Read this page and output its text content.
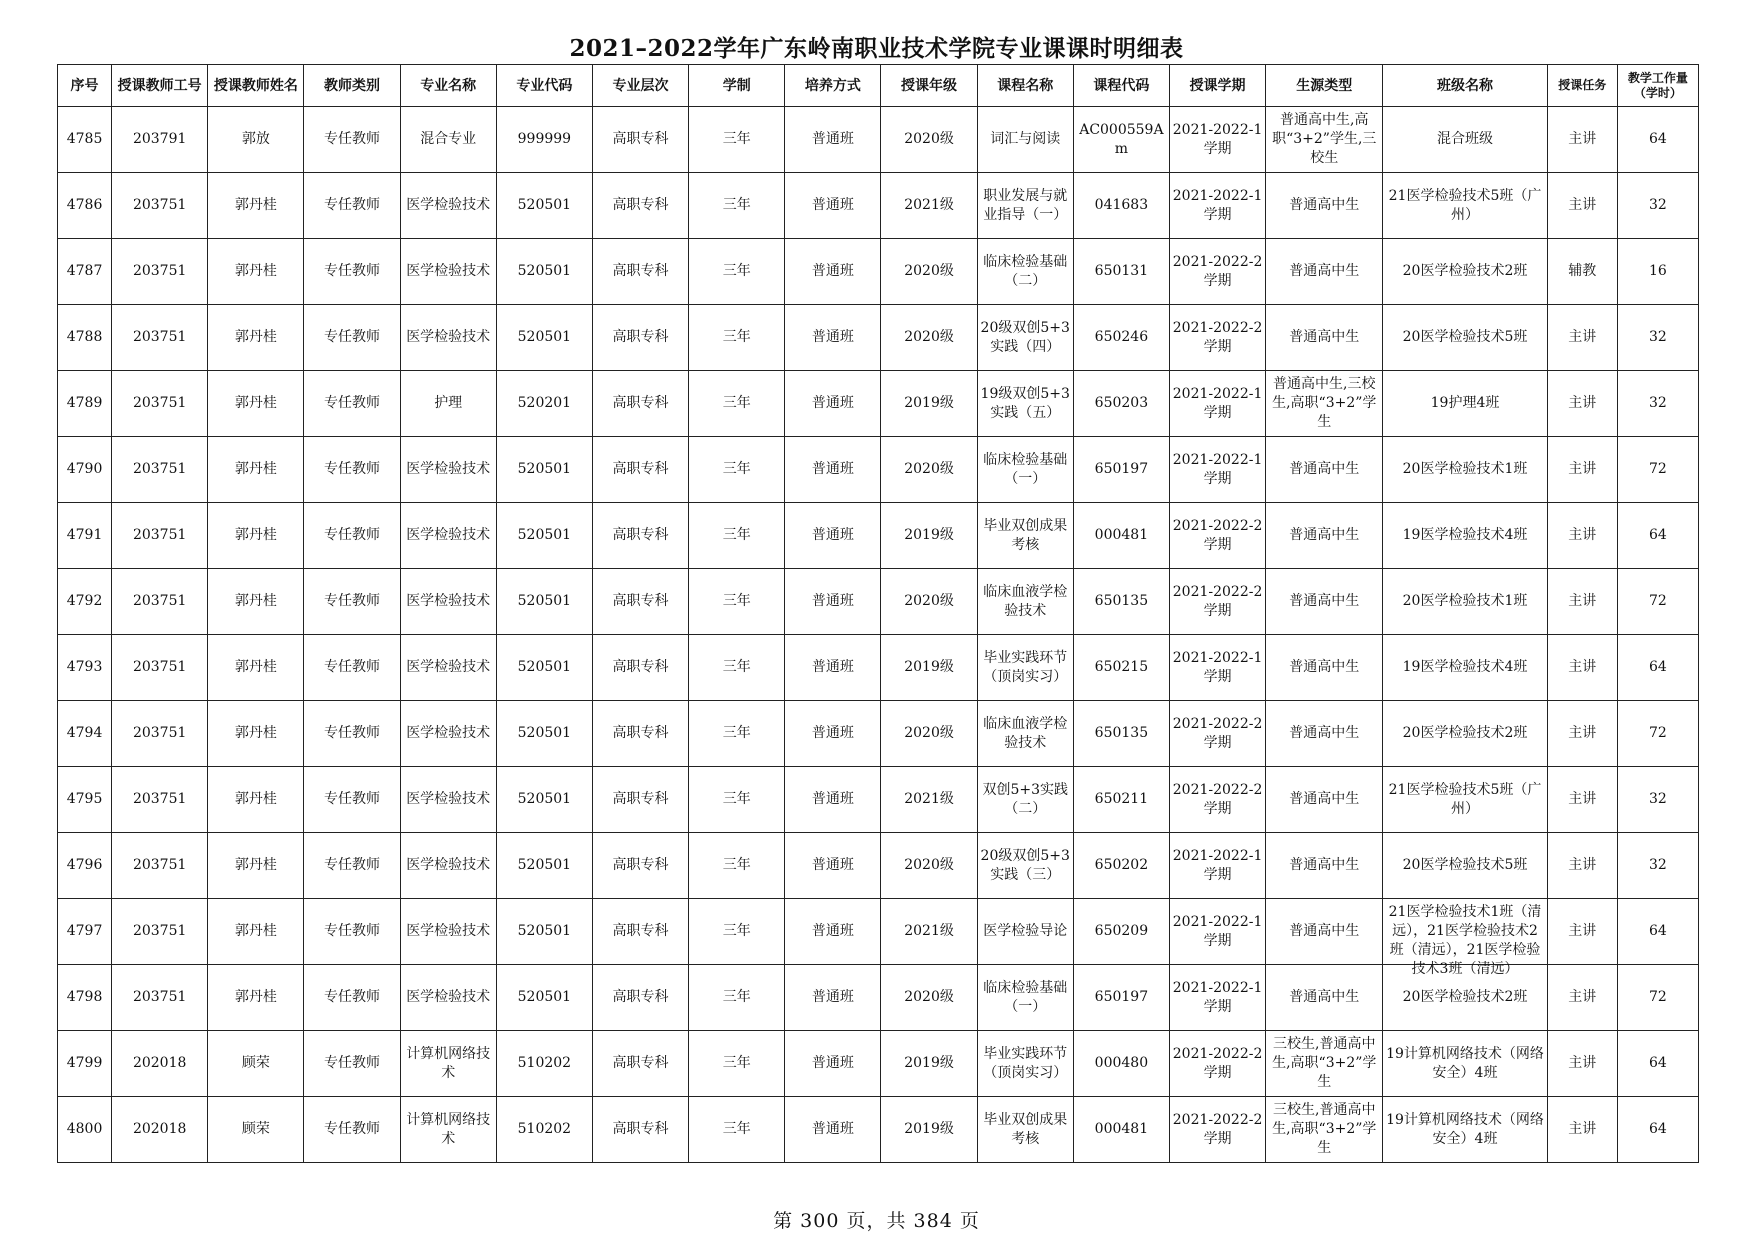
2021–2022学年广东岭南职业技术学院专业课课时明细表
序号	授课教师工号	授课教师姓名	教师类别	专业名称	专业代码	专业层次	学制	培养方式	授课年级	课程名称	课程代码	授课学期	生源类型	班级名称	授课任务	教学工作量（学时）

4785	203791	郭放	专任教师	混合专业	999999	高职专科	三年	普通班	2020级	词汇与阅读	AC000559Am	2021-2022-1学期	普通高中生,高职“3+2”学生,三校生	混合班级	主讲	64

4786	203751	郭丹桂	专任教师	医学检验技术	520501	高职专科	三年	普通班	2021级	职业发展与就业指导（一）	041683	2021-2022-1学期	普通高中生	21医学检验技术5班（广州）	主讲	32

4787	203751	郭丹桂	专任教师	医学检验技术	520501	高职专科	三年	普通班	2020级	临床检验基础（二）	650131	2021-2022-2学期	普通高中生	20医学检验技术2班	辅教	16

4788	203751	郭丹桂	专任教师	医学检验技术	520501	高职专科	三年	普通班	2020级	20级双创5+3实践（四）	650246	2021-2022-2学期	普通高中生	20医学检验技术5班	主讲	32

4789	203751	郭丹桂	专任教师	护理	520201	高职专科	三年	普通班	2019级	19级双创5+3实践（五）	650203	2021-2022-1学期	普通高中生,三校生,高职“3+2”学生	19护理4班	主讲	32

4790	203751	郭丹桂	专任教师	医学检验技术	520501	高职专科	三年	普通班	2020级	临床检验基础（一）	650197	2021-2022-1学期	普通高中生	20医学检验技术1班	主讲	72

4791	203751	郭丹桂	专任教师	医学检验技术	520501	高职专科	三年	普通班	2019级	毕业双创成果考核	000481	2021-2022-2学期	普通高中生	19医学检验技术4班	主讲	64

4792	203751	郭丹桂	专任教师	医学检验技术	520501	高职专科	三年	普通班	2020级	临床血液学检验技术	650135	2021-2022-2学期	普通高中生	20医学检验技术1班	主讲	72

4793	203751	郭丹桂	专任教师	医学检验技术	520501	高职专科	三年	普通班	2019级	毕业实践环节（顶岗实习）	650215	2021-2022-1学期	普通高中生	19医学检验技术4班	主讲	64

4794	203751	郭丹桂	专任教师	医学检验技术	520501	高职专科	三年	普通班	2020级	临床血液学检验技术	650135	2021-2022-2学期	普通高中生	20医学检验技术2班	主讲	72

4795	203751	郭丹桂	专任教师	医学检验技术	520501	高职专科	三年	普通班	2021级	双创5+3实践（二）	650211	2021-2022-2学期	普通高中生	21医学检验技术5班（广州）	主讲	32

4796	203751	郭丹桂	专任教师	医学检验技术	520501	高职专科	三年	普通班	2020级	20级双创5+3实践（三）	650202	2021-2022-1学期	普通高中生	20医学检验技术5班	主讲	32

4797	203751	郭丹桂	专任教师	医学检验技术	520501	高职专科	三年	普通班	2021级	医学检验导论	650209	2021-2022-1学期	普通高中生	21医学检验技术1班（清远），21医学检验技术2班（清远），21医学检验技术3班（清远）	主讲	64

4798	203751	郭丹桂	专任教师	医学检验技术	520501	高职专科	三年	普通班	2020级	临床检验基础（一）	650197	2021-2022-1学期	普通高中生	20医学检验技术2班	主讲	72

4799	202018	顾荣	专任教师	计算机网络技术	510202	高职专科	三年	普通班	2019级	毕业实践环节（顶岗实习）	000480	2021-2022-2学期	三校生,普通高中生,高职“3+2”学生	19计算机网络技术（网络安全）4班	主讲	64

4800	202018	顾荣	专任教师	计算机网络技术	510202	高职专科	三年	普通班	2019级	毕业双创成果考核	000481	2021-2022-2学期	三校生,普通高中生,高职“3+2”学生	19计算机网络技术（网络安全）4班	主讲	64
第 300 页，共 384 页
